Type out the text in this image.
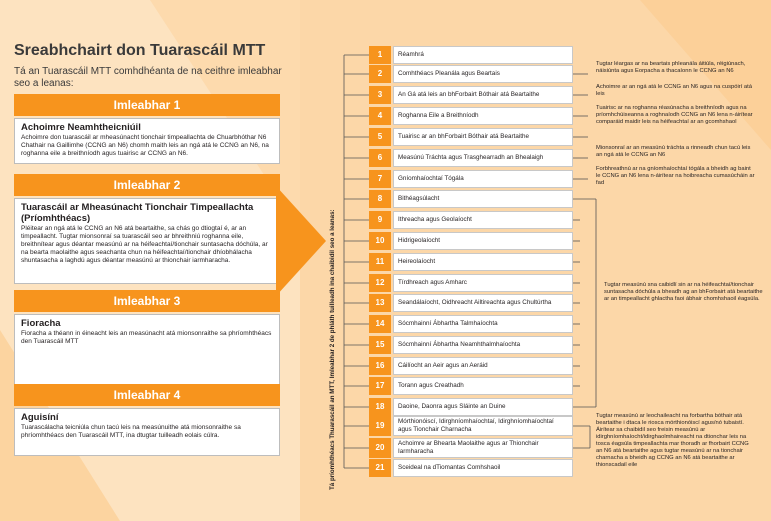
Sreabhchairt don Tuarascáil MTT
Tá an Tuarascáil MTT comhdhéanta de na ceithre imleabhar seo a leanas:
Imleabhar 1
Achoimre Neamhtheicniúil
Achoimre don tuarascáil ar mheasúnacht tionchair timpeallachta de Chuarbhóthar N6 Chathair na Gaillimhe (CCNG an N6) chomh maith leis an ngá atá le CCNG an N6, na roghanna eile a breithníodh agus tuairisc ar CCNG an N6.
Imleabhar 2
Tuarascáil ar Mheasúnacht Tionchair Timpeallachta (Príomhthéacs)
Pléitear an ngá atá le CCNG an N6 atá beartaithe, sa chás go dtiogtaí é, ar an timpeallacht. Tugtar mionsonraí sa tuarascáil seo ar bhreithniú roghanna eile, breithnítear agus déantar measúnú ar na héifeachtaí/tionchair suntasacha dóchúla, ar na bearta maolaithe agus seachanta chun na héifeachtaí/tionchair dhíobhálacha shuntasacha a laghdú agus déantar measúnú ar thionchair iarmharacha.
Imleabhar 3
Fioracha
Fioracha a théann in éineacht leis an measúnacht atá mionsonraithe sa phríomhthéacs den Tuarascáil MTT
Imleabhar 4
Aguisíní
Tuarascálacha teicniúla chun tacú leis na measúnuithe atá mionsonraithe sa phríomhthéacs den Tuarascáil MTT, ina dtugtar tuilleadh eolais cúlra.	Tá príomhthéacs Thuarascáil an MTT, Imleabhar 2 de phláth tuilleadh ina chaibidil seo a leanas:
1	Réamhrá
2	Comhthéacs Pleanála agus Beartais
3	An Gá atá leis an bhForbairt Bóthair atá Beartaithe
4	Roghanna Eile a Breithníodh
5	Tuairisc ar an bhForbairt Bóthair atá Beartaithe
6	Measúnú Tráchta agus Trasghearradh an Bhealaigh
7	Gníomhaíochtaí Tógála
8	Bithéagsúlacht
9	Ithreacha agus Geolaíocht
10	Hidrigeolaíocht
11	Heireolaíocht
12	Tírdhreach agus Amharc
13	Seandálaíocht, Oidhreacht Ailtireachta agus Chultúrtha
14	Sócmhainní Ábhartha Talmhaíochta
15	Sócmhainní Ábhartha Neamhthalmhaíochta
16	Cáilíocht an Aeir agus an Aeráid
17	Torann agus Creathadh
18	Daoine, Daonra agus Sláinte an Duine
19	Mórthionóiscí, Idirghníomhaíochtaí, Idirghníomhaíochtaí agus Tionchair Charnacha
20	Achoimre ar Bhearta Maolaithe agus ar Thionchair Iarmharacha
21	Sceideal na dTiomantas Comhshaoil
Tugtar léargas ar na beartais phleanála áitiúla, réigiúnach, náisiúnta agus Eorpacha a thacaíonn le CCNG an N6
Achoimre ar an ngá atá le CCNG an N6 agus na cuspóirí atá leis
Tuairisc ar na roghanna réasúnacha a breithníodh agus na príomhchúiseanna a roghnaíodh CCNG an N6 lena n-áirítear comparáid maidir leis na héifeachtaí ar an gcomhshaol
Mionsonraí ar an measúnú tráchta a rinneadh chun tacú leis an ngá atá le CCNG an N6
Forbhreathnú ar na gníomhaíochtaí tógála a bheidh ag baint le CCNG an N6 lena n-áirítear na hoibreacha cumasúcháin ar fad
Tugtar measúnú sna caibidlí sin ar na héifeachtaí/tionchair suntasacha dóchúla a bheadh ag an bhForbairt atá beartaithe ar an timpeallacht ghlactha faoi ábhair chomhshaoil éagsúla.
Tugtar measúnú ar leochaileacht na forbartha bóthair atá beartaithe i dtaca le riosca mórthionóiscí agus/nó tubaistí. Áirítear sa chaibidil seo freisin measúnú ar idirghníomhaíocht/idirghaolmhaireacht na dtionchar leis na tosca éagsúla timpeallachta mar thoradh ar fhorbairt CCNG an N6 atá beartaithe agus tugtar measúnú ar na tionchair charnacha a bheidh ag CCNG an N6 atá beartaithe ar thionscadail eile
